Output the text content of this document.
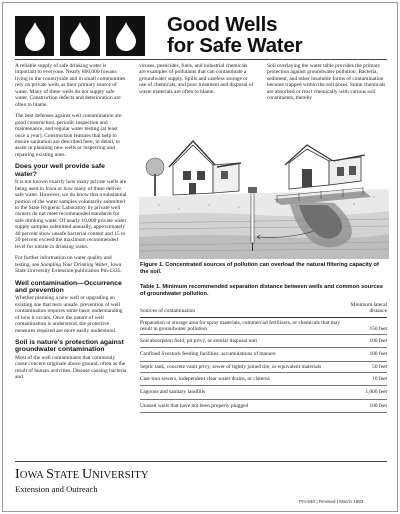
Good Wells
for Safe Water

A reliable supply of safe drinking water is important to everyone. Nearly 800,000 Iowans living in the countryside and in small communities rely on private wells as their primary source of water. Many of these wells do not supply safe water. Construction defects and deterioration are often to blame.

The best defenses against well contamination are good construction, periodic inspection and maintenance, and regular water testing (at least once a year). Construction features that help to ensure sanitation are described here, in detail, to assist in planning new wells or inspecting and repairing existing ones.

Does your well provide safe water?

It is not known exactly how many private wells are being used in Iowa or how many of these deliver safe water. However, we do know that a substantial portion of the water samples voluntarily submitted to the State Hygienic Laboratory by private well owners do not meet recommended standards for safe drinking water. Of nearly 10,000 private water supply samples submitted annually, approximately 40 percent show unsafe bacterial content and 15 to 20 percent exceed the maximum recommended level for nitrate in drinking water.

For further information on water quality and testing, see Sampling Your Drinking Water, Iowa State University Extension publication Pm-1335.

Well contamination—Occurrence and prevention

Whether planning a new well or upgrading an existing one that tests unsafe, prevention of well contamination requires some basic understanding of how it occurs. Once the nature of well contamination is understood, the protective measures required are more easily understood.

Soil is nature's protection against groundwater contamination

Most of the well contaminants that commonly cause concern originate above ground, often as the result of human activities. Disease causing bacteria and

viruses, pesticides, fuels, and industrial chemicals are examples of pollutants that can contaminate a groundwater supply. Spills and careless storage or use of chemicals, and poor treatment and disposal of waste materials are often to blame.

Soil overlaying the water table provides the primary protection against groundwater pollution. Bacteria, sediment, and other insoluble forms of contamination become trapped within the soil pores. Some chemicals are absorbed or react chemically with various soil constituents, thereby

Figure 1. Concentrated sources of pollution can overload the natural filtering capacity of the soil.
Table 1. Minimum recommended separation distance between wells and common sources of groundwater pollution.
Sources of contamination	Minimum lateral distance
Preparation or storage area for spray materials, commercial fertilizers, or chemicals that may result in groundwater pollution	150 feet
Soil absorption field, pit privy, or similar disposal unit	100 feet
Confined livestock feeding facilities; accumulations of manure	100 feet
Septic tank, concrete vault privy, sewer of tightly joined tile, or equivalent materials	50 feet
Cast-iron sewers, independent clear water drains, or cisterns	10 feet
Lagoons and sanitary landfills	1,000 feet
Unused wells that have not been properly plugged	100 feet
IOWA STATE UNIVERSITY
Extension and Outreach
Pm-840 | Revised | March 1993
